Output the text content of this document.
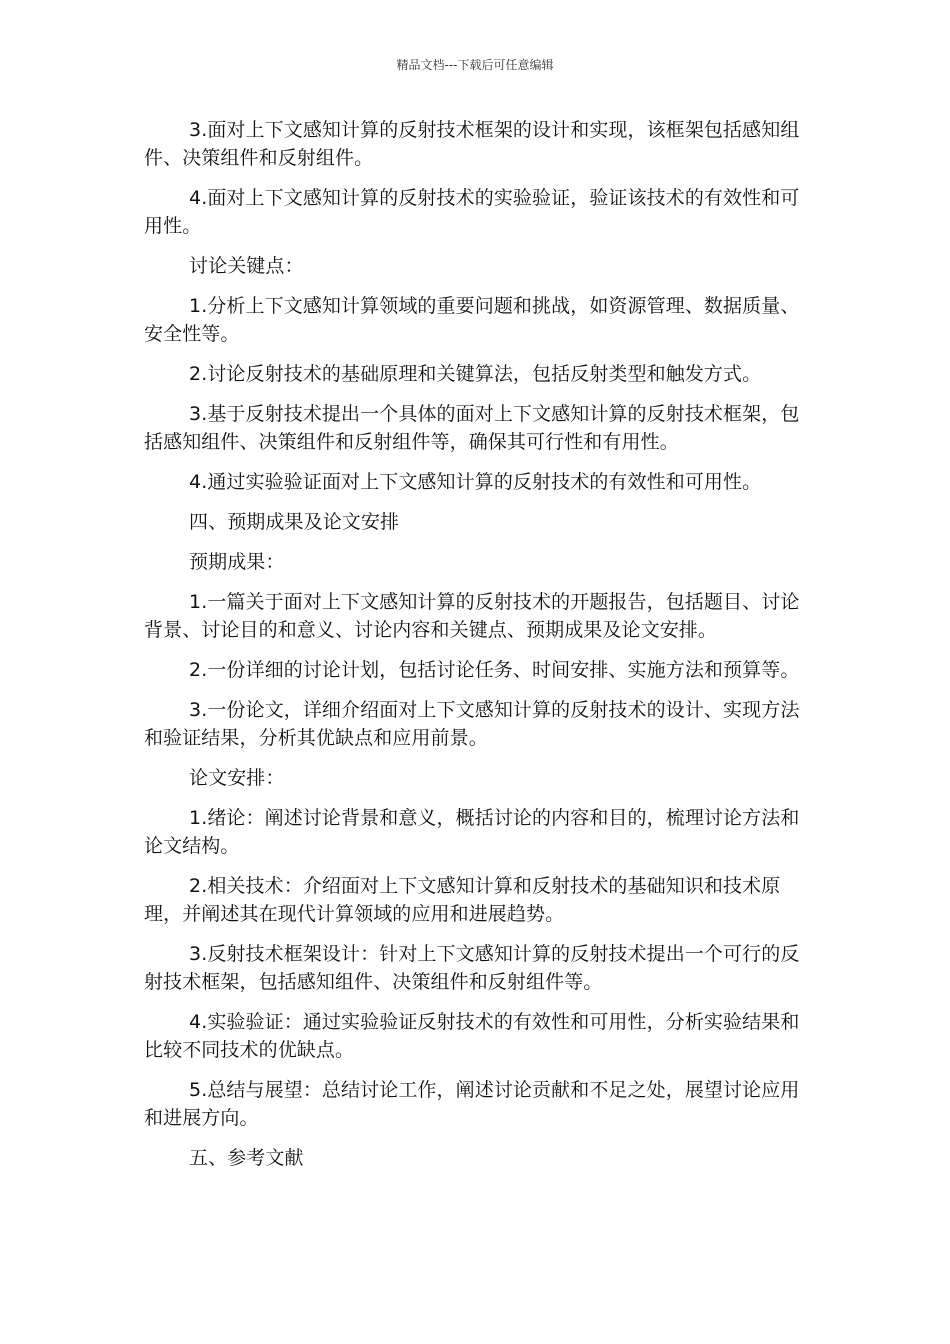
精品文档---下载后可任意编辑

3.面对上下文感知计算的反射技术框架的设计和实现，该框架包括感知组件、决策组件和反射组件。

4.面对上下文感知计算的反射技术的实验验证，验证该技术的有效性和可用性。

讨论关键点：

1.分析上下文感知计算领域的重要问题和挑战，如资源管理、数据质量、安全性等。

2.讨论反射技术的基础原理和关键算法，包括反射类型和触发方式。

3.基于反射技术提出一个具体的面对上下文感知计算的反射技术框架，包括感知组件、决策组件和反射组件等，确保其可行性和有用性。

4.通过实验验证面对上下文感知计算的反射技术的有效性和可用性。

四、预期成果及论文安排

预期成果：

1.一篇关于面对上下文感知计算的反射技术的开题报告，包括题目、讨论背景、讨论目的和意义、讨论内容和关键点、预期成果及论文安排。

2.一份详细的讨论计划，包括讨论任务、时间安排、实施方法和预算等。

3.一份论文，详细介绍面对上下文感知计算的反射技术的设计、实现方法和验证结果，分析其优缺点和应用前景。

论文安排：

1.绪论：阐述讨论背景和意义，概括讨论的内容和目的，梳理讨论方法和论文结构。

2.相关技术：介绍面对上下文感知计算和反射技术的基础知识和技术原理，并阐述其在现代计算领域的应用和进展趋势。

3.反射技术框架设计：针对上下文感知计算的反射技术提出一个可行的反射技术框架，包括感知组件、决策组件和反射组件等。

4.实验验证：通过实验验证反射技术的有效性和可用性，分析实验结果和比较不同技术的优缺点。

5.总结与展望：总结讨论工作，阐述讨论贡献和不足之处，展望讨论应用和进展方向。

五、参考文献
